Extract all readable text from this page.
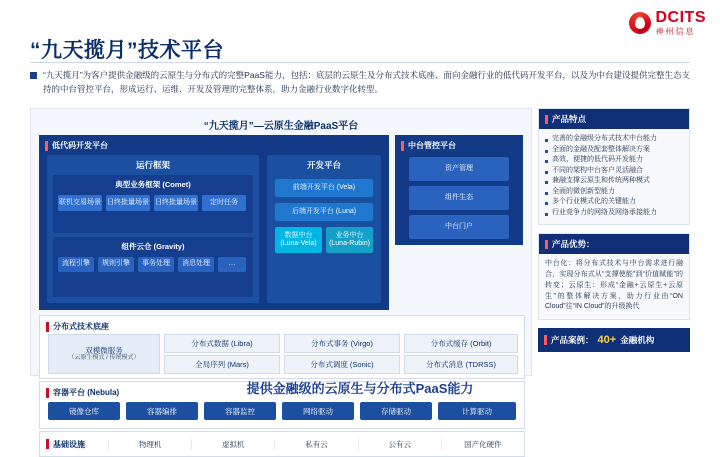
DCITS
神州信息
“九天揽月”技术平台
“九天揽月”为客户提供金融级的云原生与分布式的完整PaaS能力，包括：底层的云原生及分布式技术底座、面向金融行业的低代码开发平台，以及为中台建设提供完整生态支持的中台管控平台，形成运行、运维、开发及管理的完整体系，助力金融行业数字化转型。
“九天揽月”—云原生金融PaaS平台
低代码开发平台
运行框架
典型业务框架 (Comet)
联机交易场景 日终批量场景 日终批量场景	定时任务
组件云仓 (Gravity)
流程引擎	规则引擎	事务处理	消息处理	…
开发平台
前端开发平台 (Vela)
后端开发平台 (Luna)
数据中台 (Luna-Vela)
业务中台 (Luna-Rubin)
中台管控平台
资产管理
组件生态
中台门户
分布式技术底座
双模微服务
（云原生模式 / 传统模式）
分布式数据 (Libra)	分布式事务 (Virgo)	分布式缓存 (Orbit)
全局序列 (Mars)	分布式调度 (Sonic)	分布式消息 (TDRSS)
容器平台 (Nebula)
镜像仓库	容器编排	容器监控	网络驱动	存储驱动	计算驱动
基础设施	物理机	虚拟机	私有云	公有云	国产化硬件
产品特点
完善的金融级分布式技术中台能力
全面的金融及配套整体解决方案
高效、便捷的低代码开发能力
不同的架构中台客户灵活融合
兼融支撑云原生和传统两种模式
全面的微创新型能力
多个行业模式化的关键能力
行业竞争力的网络及网络承接能力
产品优势：
中台化：将分布式技术与中台需求进行融合，实现分布式从“支撑使能”到“价值赋能”的转变；云原生：形成“金融+云原生+云原生”的整体解决方案，助力行业由“ON Cloud”往“IN Cloud”的升级换代
产品案例： 40+ 金融机构
提供金融级的云原生与分布式PaaS能力
